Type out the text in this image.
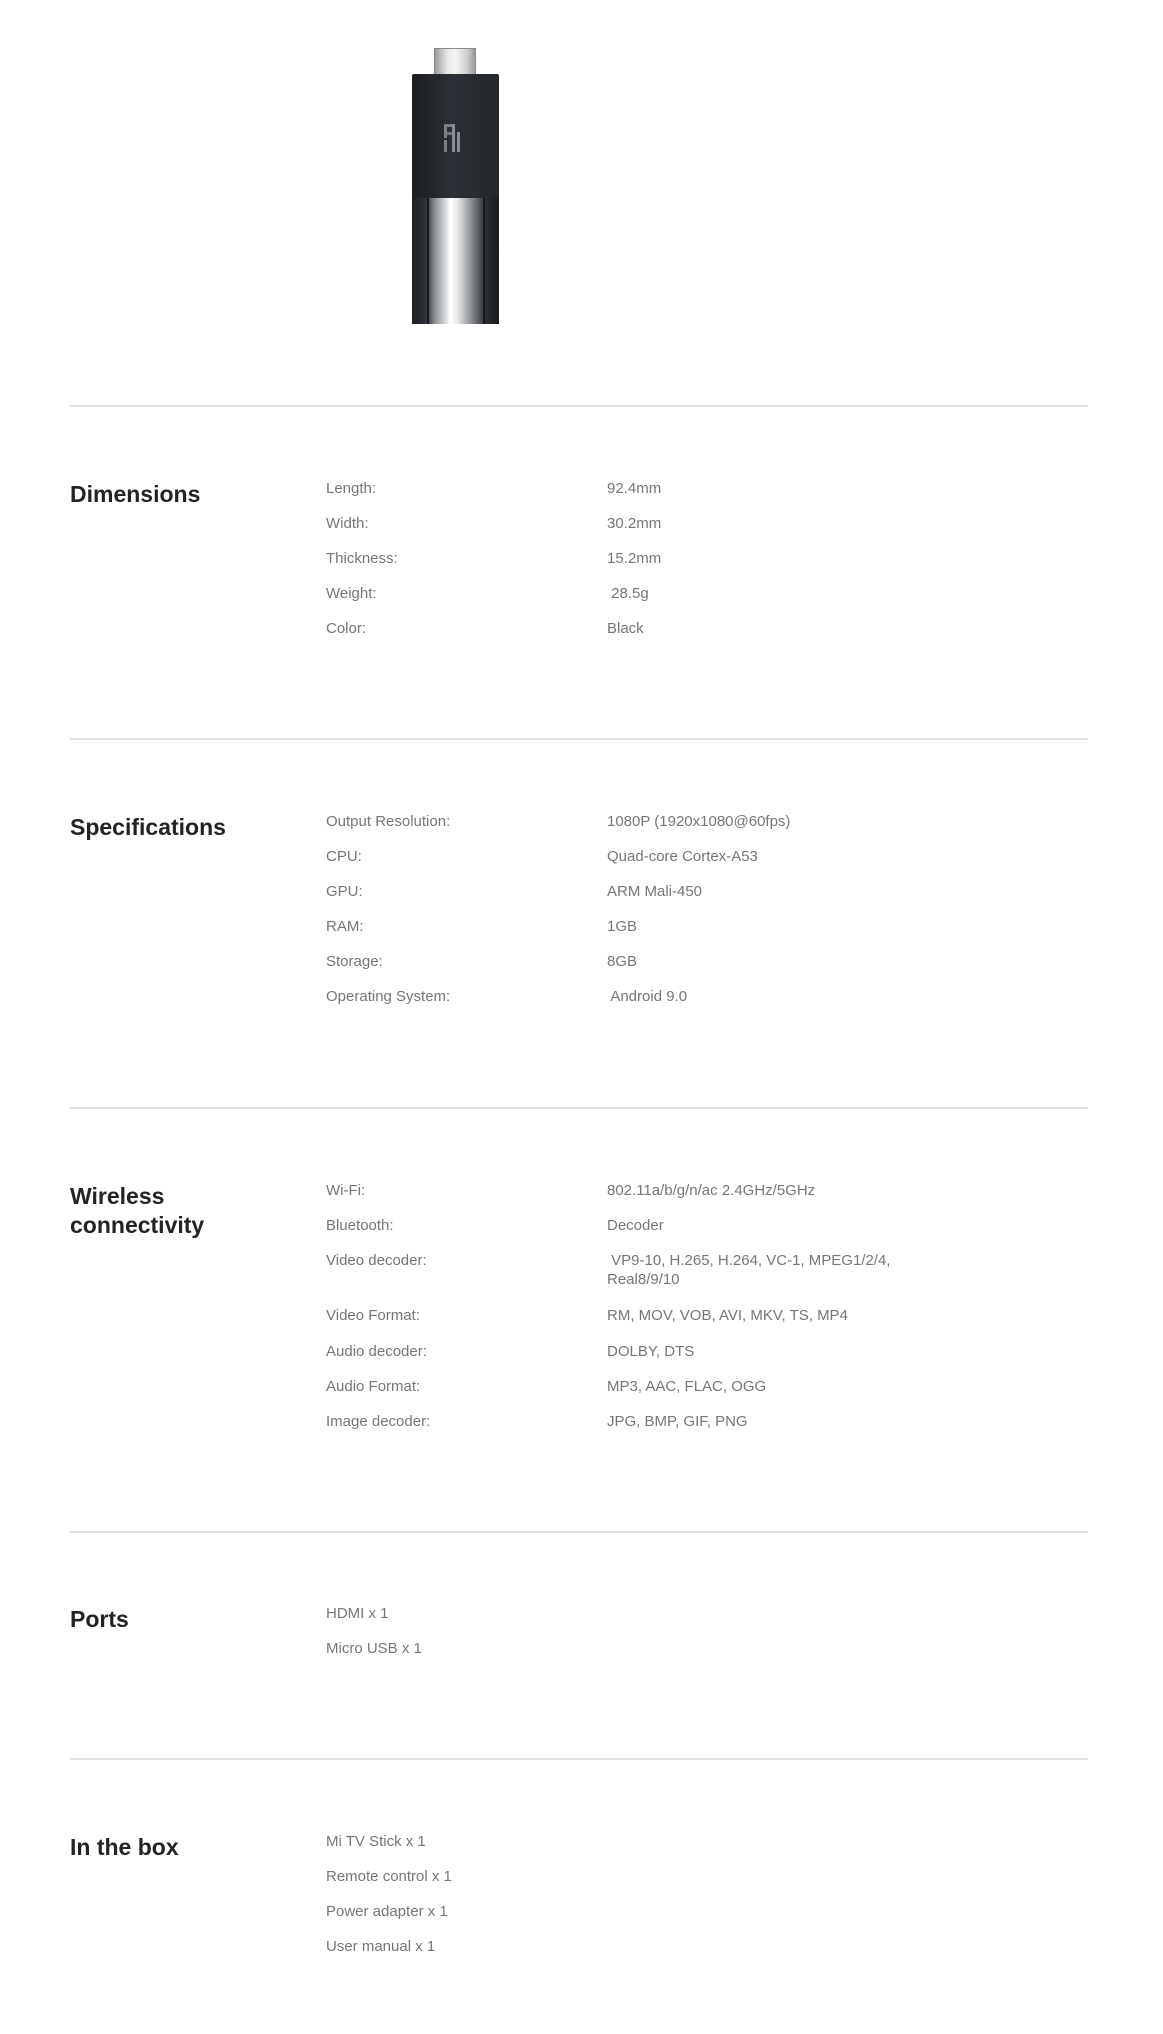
Dimensions	Length:	92.4mm
Width:	30.2mm
Thickness:	15.2mm
Weight:	28.5g
Color:	Black
Specifications	Output Resolution:	1080P (1920x1080@60fps)
CPU:	Quad-core Cortex-A53
GPU:	ARM Mali-450
RAM:	1GB
Storage:	8GB
Operating System:	Android 9.0
Wireless
connectivity
Wi-Fi:	802.11a/b/g/n/ac 2.4GHz/5GHz
Bluetooth:	Decoder
Video decoder:	VP9-10, H.265, H.264, VC-1, MPEG1/2/4,
Real8/9/10
Video Format:	RM, MOV, VOB, AVI, MKV, TS, MP4
Audio decoder:	DOLBY, DTS
Audio Format:	MP3, AAC, FLAC, OGG
Image decoder:	JPG, BMP, GIF, PNG
Ports	HDMI x 1
Micro USB x 1
In the box	Mi TV Stick x 1
Remote control x 1
Power adapter x 1
User manual x 1
